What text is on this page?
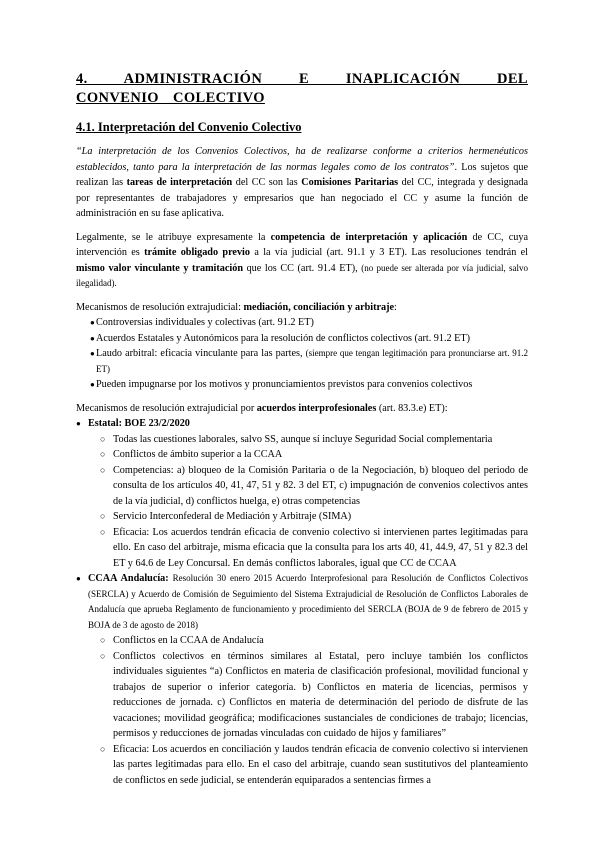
4. ADMINISTRACIÓN E INAPLICACIÓN DEL CONVENIO COLECTIVO
4.1. Interpretación del Convenio Colectivo

“La interpretación de los Convenios Colectivos, ha de realizarse conforme a criterios hermenéuticos establecidos, tanto para la interpretación de las normas legales como de los contratos”. Los sujetos que realizan las tareas de interpretación del CC son las Comisiones Paritarias del CC, integrada y designada por representantes de trabajadores y empresarios que han negociado el CC y asume la función de administración en su fase aplicativa.

Legalmente, se le atribuye expresamente la competencia de interpretación y aplicación de CC, cuya intervención es trámite obligado previo a la vía judicial (art. 91.1 y 3 ET). Las resoluciones tendrán el mismo valor vinculante y tramitación que los CC (art. 91.4 ET), (no puede ser alterada por vía judicial, salvo ilegalidad).

Mecanismos de resolución extrajudicial: mediación, conciliación y arbitraje:

● Controversias individuales y colectivas (art. 91.2 ET)
● Acuerdos Estatales y Autonómicos para la resolución de conflictos colectivos (art. 91.2 ET)
● Laudo arbitral: eficacia vinculante para las partes, (siempre que tengan legitimación para pronunciarse art. 91.2 ET)
● Pueden impugnarse por los motivos y pronunciamientos previstos para convenios colectivos

Mecanismos de resolución extrajudicial por acuerdos interprofesionales (art. 83.3.e) ET):

● Estatal: BOE 23/2/2020
○ Todas las cuestiones laborales, salvo SS, aunque sí incluye Seguridad Social complementaria
○ Conflictos de ámbito superior a la CCAA
○ Competencias: a) bloqueo de la Comisión Paritaria o de la Negociación, b) bloqueo del periodo de consulta de los artículos 40, 41, 47, 51 y 82. 3 del ET, c) impugnación de convenios colectivos antes de la vía judicial, d) conflictos huelga, e) otras competencias
○ Servicio Interconfederal de Mediación y Arbitraje (SIMA)
○ Eficacia: Los acuerdos tendrán eficacia de convenio colectivo si intervienen partes legitimadas para ello. En caso del arbitraje, misma eficacia que la consulta para los arts 40, 41, 44.9, 47, 51 y 82.3 del ET y 64.6 de Ley Concursal. En demás conflictos laborales, igual que CC de CCAA
● CCAA Andalucía: Resolución 30 enero 2015 Acuerdo Interprofesional para Resolución de Conflictos Colectivos (SERCLA) y Acuerdo de Comisión de Seguimiento del Sistema Extrajudicial de Resolución de Conflictos Laborales de Andalucía que aprueba Reglamento de funcionamiento y procedimiento del SERCLA (BOJA de 9 de febrero de 2015 y BOJA de 3 de agosto de 2018)
○ Conflictos en la CCAA de Andalucía
○ Conflictos colectivos en términos similares al Estatal, pero incluye también los conflictos individuales siguientes “a) Conflictos en materia de clasificación profesional, movilidad funcional y trabajos de superior o inferior categoría. b) Conflictos en materia de licencias, permisos y reducciones de jornada. c) Conflictos en materia de determinación del periodo de disfrute de las vacaciones; movilidad geográfica; modificaciones sustanciales de condiciones de trabajo; licencias, permisos y reducciones de jornadas vinculadas con cuidado de hijos y familiares”
○ Eficacia: Los acuerdos en conciliación y laudos tendrán eficacia de convenio colectivo si intervienen las partes legitimadas para ello. En el caso del arbitraje, cuando sean sustitutivos del planteamiento de conflictos en sede judicial, se entenderán equiparados a sentencias firmes a
